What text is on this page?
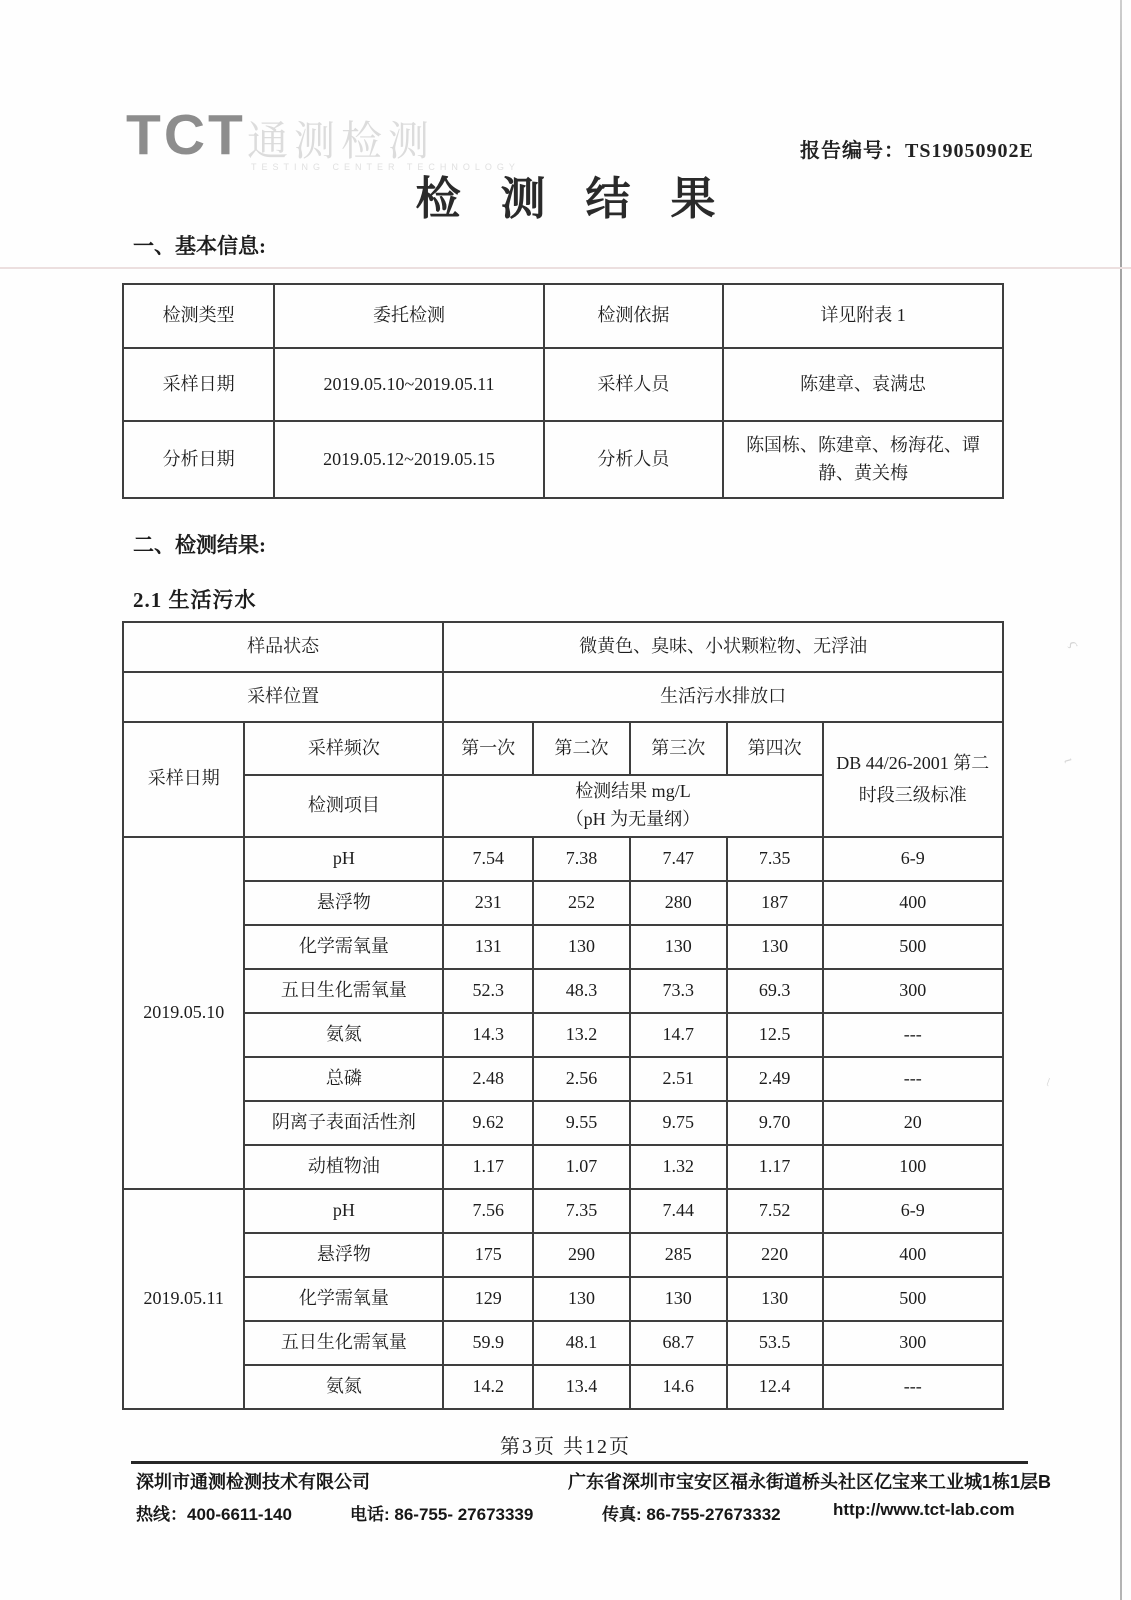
ϛ
ι
ᶩ
TCT 通测检测
TESTING CENTER TECHNOLOGY
报告编号：TS19050902E
检测结果
一、基本信息:
检测类型	委托检测	检测依据	详见附表 1
采样日期	2019.05.10~2019.05.11	采样人员	陈建章、袁满忠
分析日期	2019.05.12~2019.05.15	分析人员	陈国栋、陈建章、杨海花、谭 静、黄关梅
二、检测结果:
2.1 生活污水
样品状态		微黄色、臭味、小状颗粒物、无浮油				
采样位置		生活污水排放口				
采样日期	采样频次	第一次	第二次	第三次	第四次	DB 44/26-2001 第二时段三级标准
	检测项目	检测结果 mg/L
（pH 为无量纲）				

2019.05.10	pH	7.54	7.38	7.47	7.35	6-9
	悬浮物	231	252	280	187	400
	化学需氧量	131	130	130	130	500
	五日生化需氧量	52.3	48.3	73.3	69.3	300
	氨氮	14.3	13.2	14.7	12.5	---
	总磷	2.48	2.56	2.51	2.49	---
	阴离子表面活性剂	9.62	9.55	9.75	9.70	20
	动植物油	1.17	1.07	1.32	1.17	100
2019.05.11	pH	7.56	7.35	7.44	7.52	6-9
	悬浮物	175	290	285	220	400
	化学需氧量	129	130	130	130	500
	五日生化需氧量	59.9	48.1	68.7	53.5	300
	氨氮	14.2	13.4	14.6	12.4	---
第3页 共12页
深圳市通测检测技术有限公司	广东省深圳市宝安区福永街道桥头社区亿宝来工业城1栋1层B
热线：400-6611-140	电话: 86-755- 27673339	传真: 86-755-27673332	http://www.tct-lab.com
